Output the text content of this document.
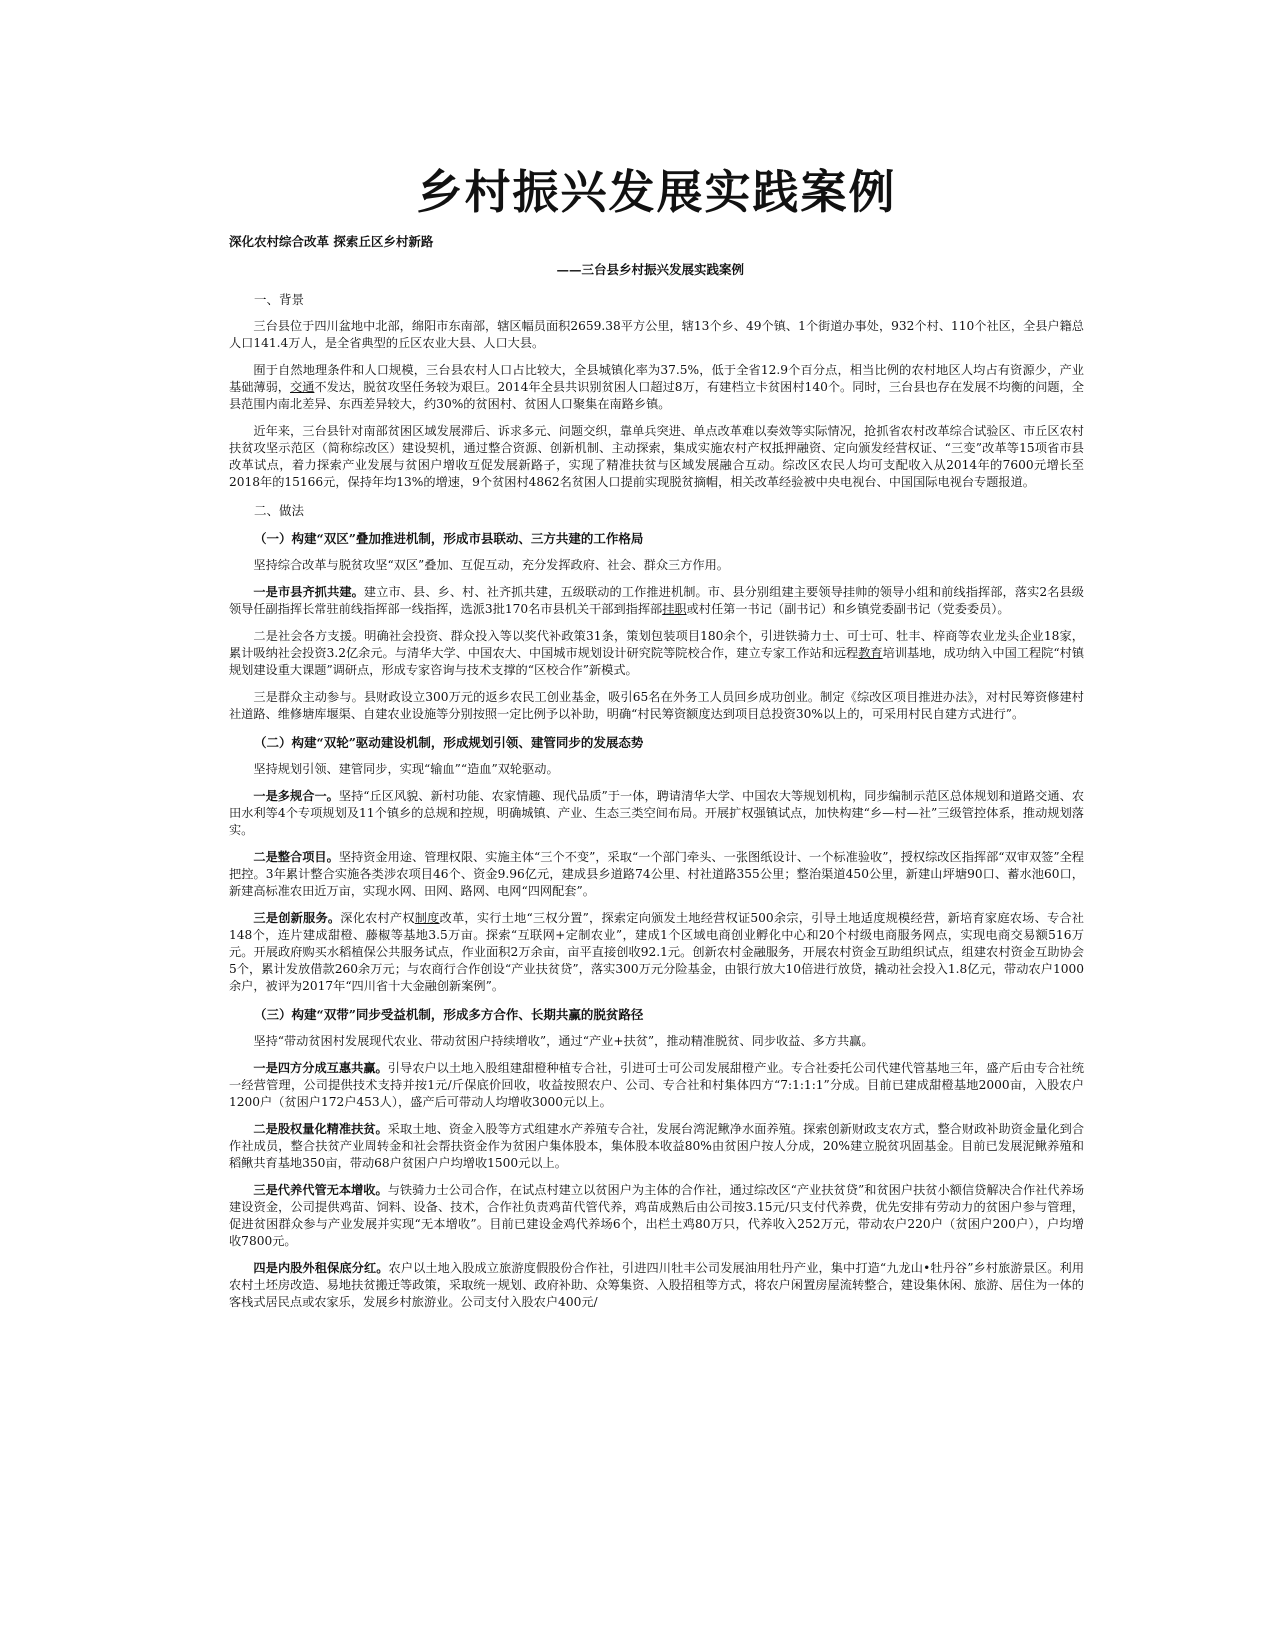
乡村振兴发展实践案例
深化农村综合改革 探索丘区乡村新路
——三台县乡村振兴发展实践案例
一、背景

三台县位于四川盆地中北部，绵阳市东南部，辖区幅员面积2659.38平方公里，辖13个乡、49个镇、1个街道办事处，932个村、110个社区，全县户籍总人口141.4万人，是全省典型的丘区农业大县、人口大县。

囿于自然地理条件和人口规模，三台县农村人口占比较大，全县城镇化率为37.5%，低于全省12.9个百分点，相当比例的农村地区人均占有资源少，产业基础薄弱，交通不发达，脱贫攻坚任务较为艰巨。2014年全县共识别贫困人口超过8万，有建档立卡贫困村140个。同时，三台县也存在发展不均衡的问题，全县范围内南北差异、东西差异较大，约30%的贫困村、贫困人口聚集在南路乡镇。

近年来，三台县针对南部贫困区域发展滞后、诉求多元、问题交织，靠单兵突进、单点改革难以奏效等实际情况，抢抓省农村改革综合试验区、市丘区农村扶贫攻坚示范区（简称综改区）建设契机，通过整合资源、创新机制、主动探索，集成实施农村产权抵押融资、定向颁发经营权证、“三变”改革等15项省市县改革试点，着力探索产业发展与贫困户增收互促发展新路子，实现了精准扶贫与区域发展融合互动。综改区农民人均可支配收入从2014年的7600元增长至2018年的15166元，保持年均13%的增速，9个贫困村4862名贫困人口提前实现脱贫摘帽，相关改革经验被中央电视台、中国国际电视台专题报道。

二、做法
（一）构建“双区”叠加推进机制，形成市县联动、三方共建的工作格局

坚持综合改革与脱贫攻坚“双区”叠加、互促互动，充分发挥政府、社会、群众三方作用。

一是市县齐抓共建。建立市、县、乡、村、社齐抓共建，五级联动的工作推进机制。市、县分别组建主要领导挂帅的领导小组和前线指挥部，落实2名县级领导任副指挥长常驻前线指挥部一线指挥，选派3批170名市县机关干部到指挥部挂职或村任第一书记（副书记）和乡镇党委副书记（党委委员）。

二是社会各方支援。明确社会投资、群众投入等以奖代补政策31条，策划包装项目180余个，引进铁骑力士、可士可、牡丰、梓商等农业龙头企业18家，累计吸纳社会投资3.2亿余元。与清华大学、中国农大、中国城市规划设计研究院等院校合作，建立专家工作站和远程教育培训基地，成功纳入中国工程院“村镇规划建设重大课题”调研点，形成专家咨询与技术支撑的“区校合作”新模式。

三是群众主动参与。县财政设立300万元的返乡农民工创业基金，吸引65名在外务工人员回乡成功创业。制定《综改区项目推进办法》，对村民筹资修建村社道路、维修塘库堰渠、自建农业设施等分别按照一定比例予以补助，明确“村民筹资额度达到项目总投资30%以上的，可采用村民自建方式进行”。

（二）构建“双轮”驱动建设机制，形成规划引领、建管同步的发展态势

坚持规划引领、建管同步，实现“输血”“造血”双轮驱动。

一是多规合一。坚持“丘区风貌、新村功能、农家情趣、现代品质”于一体，聘请清华大学、中国农大等规划机构，同步编制示范区总体规划和道路交通、农田水利等4个专项规划及11个镇乡的总规和控规，明确城镇、产业、生态三类空间布局。开展扩权强镇试点，加快构建“乡—村—社”三级管控体系，推动规划落实。

二是整合项目。坚持资金用途、管理权限、实施主体“三个不变”，采取“一个部门牵头、一张图纸设计、一个标准验收”，授权综改区指挥部“双审双签”全程把控。3年累计整合实施各类涉农项目46个、资金9.96亿元，建成县乡道路74公里、村社道路355公里；整治渠道450公里，新建山坪塘90口、蓄水池60口，新建高标准农田近万亩，实现水网、田网、路网、电网“四网配套”。

三是创新服务。深化农村产权制度改革，实行土地“三权分置”，探索定向颁发土地经营权证500余宗，引导土地适度规模经营，新培育家庭农场、专合社148个，连片建成甜橙、藤椒等基地3.5万亩。探索“互联网+定制农业”，建成1个区域电商创业孵化中心和20个村级电商服务网点，实现电商交易额516万元。开展政府购买水稻植保公共服务试点，作业面积2万余亩，亩平直接创收92.1元。创新农村金融服务，开展农村资金互助组织试点，组建农村资金互助协会5个，累计发放借款260余万元；与农商行合作创设“产业扶贫贷”，落实300万元分险基金，由银行放大10倍进行放贷，撬动社会投入1.8亿元，带动农户1000余户，被评为2017年“四川省十大金融创新案例”。

（三）构建“双带”同步受益机制，形成多方合作、长期共赢的脱贫路径

坚持“带动贫困村发展现代农业、带动贫困户持续增收”，通过“产业+扶贫”，推动精准脱贫、同步收益、多方共赢。

一是四方分成互惠共赢。引导农户以土地入股组建甜橙种植专合社，引进可士可公司发展甜橙产业。专合社委托公司代建代管基地三年，盛产后由专合社统一经营管理，公司提供技术支持并按1元/斤保底价回收，收益按照农户、公司、专合社和村集体四方“7:1:1:1”分成。目前已建成甜橙基地2000亩，入股农户1200户（贫困户172户453人），盛产后可带动人均增收3000元以上。

二是股权量化精准扶贫。采取土地、资金入股等方式组建水产养殖专合社，发展台湾泥鳅净水面养殖。探索创新财政支农方式，整合财政补助资金量化到合作社成员，整合扶贫产业周转金和社会帮扶资金作为贫困户集体股本，集体股本收益80%由贫困户按人分成，20%建立脱贫巩固基金。目前已发展泥鳅养殖和稻鳅共育基地350亩，带动68户贫困户户均增收1500元以上。

三是代养代管无本增收。与铁骑力士公司合作，在试点村建立以贫困户为主体的合作社，通过综改区“产业扶贫贷”和贫困户扶贫小额信贷解决合作社代养场建设资金，公司提供鸡苗、饲料、设备、技术，合作社负责鸡苗代管代养，鸡苗成熟后由公司按3.15元/只支付代养费，优先安排有劳动力的贫困户参与管理，促进贫困群众参与产业发展并实现“无本增收”。目前已建设金鸡代养场6个，出栏土鸡80万只，代养收入252万元，带动农户220户（贫困户200户），户均增收7800元。

四是内股外租保底分红。农户以土地入股成立旅游度假股份合作社，引进四川牡丰公司发展油用牡丹产业，集中打造“九龙山•牡丹谷”乡村旅游景区。利用农村土坯房改造、易地扶贫搬迁等政策，采取统一规划、政府补助、众筹集资、入股招租等方式，将农户闲置房屋流转整合，建设集休闲、旅游、居住为一体的客栈式居民点或农家乐，发展乡村旅游业。公司支付入股农户400元/
